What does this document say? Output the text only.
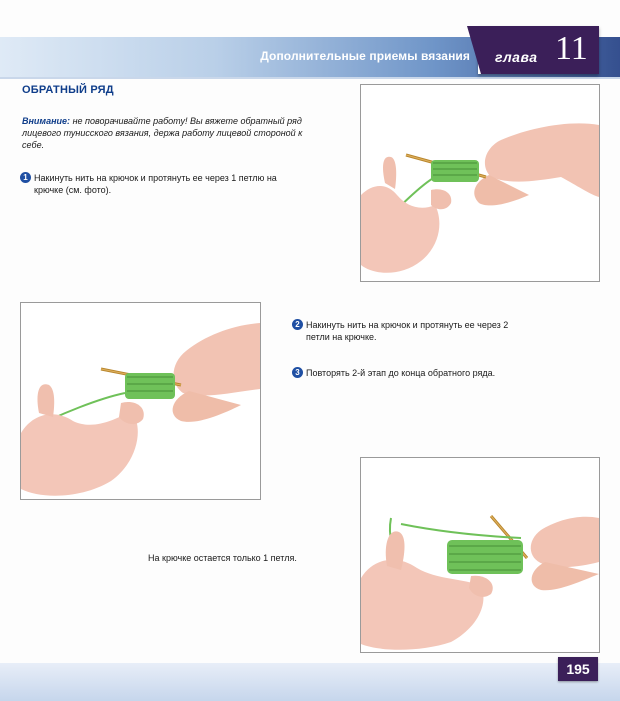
Дополнительные приемы вязания глава 11
ОБРАТНЫЙ РЯД
Внимание: не поворачивайте работу! Вы вяжете обратный ряд лицевого тунисского вязания, держа работу лицевой стороной к себе.
1 Накинуть нить на крючок и протянуть ее через 1 петлю на крючке (см. фото).
2 Накинуть нить на крючок и протянуть ее через 2 петли на крючке.
3 Повторять 2-й этап до конца обратного ряда.
На крючке остается только 1 петля.
195
